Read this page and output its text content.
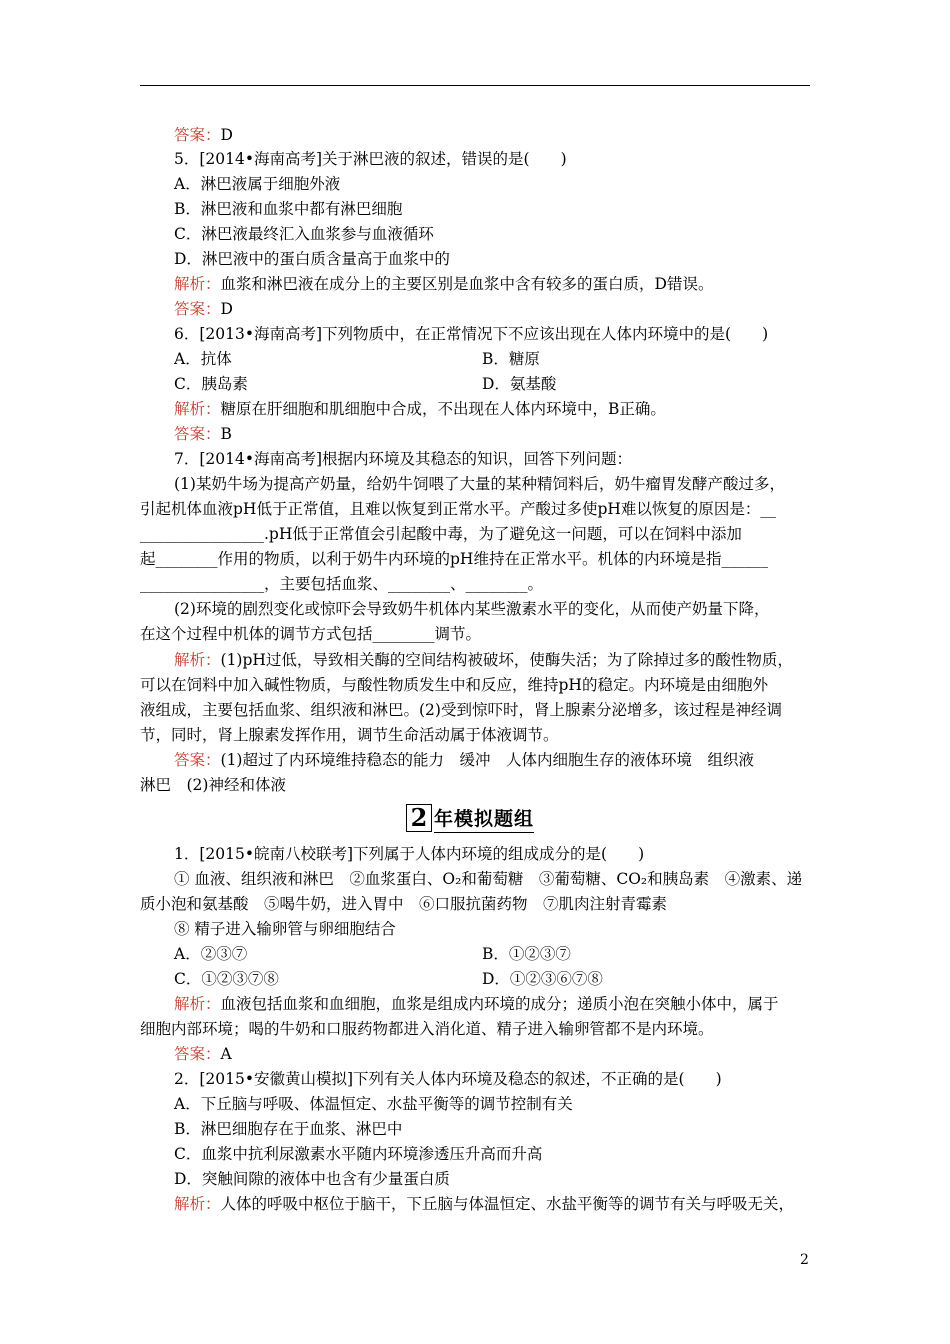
答案：D
5．[2014•海南高考]关于淋巴液的叙述，错误的是(　　)
A．淋巴液属于细胞外液
B．淋巴液和血浆中都有淋巴细胞
C．淋巴液最终汇入血浆参与血液循环
D．淋巴液中的蛋白质含量高于血浆中的
解析：血浆和淋巴液在成分上的主要区别是血浆中含有较多的蛋白质，D错误。
答案：D
6．[2013•海南高考]下列物质中，在正常情况下不应该出现在人体内环境中的是(　　)
A．抗体	B．糖原
C．胰岛素	D．氨基酸
解析：糖原在肝细胞和肌细胞中合成，不出现在人体内环境中，B正确。
答案：B
7．[2014•海南高考]根据内环境及其稳态的知识，回答下列问题：
(1)某奶牛场为提高产奶量，给奶牛饲喂了大量的某种精饲料后，奶牛瘤胃发酵产酸过多，
引起机体血液pH低于正常值，且难以恢复到正常水平。产酸过多使pH难以恢复的原因是：__
________________.pH低于正常值会引起酸中毒，为了避免这一问题，可以在饲料中添加
起________作用的物质，以利于奶牛内环境的pH维持在正常水平。机体的内环境是指______
________________，主要包括血浆、________、________。
(2)环境的剧烈变化或惊吓会导致奶牛机体内某些激素水平的变化，从而使产奶量下降，
在这个过程中机体的调节方式包括________调节。
解析：(1)pH过低，导致相关酶的空间结构被破坏，使酶失活；为了除掉过多的酸性物质，
可以在饲料中加入碱性物质，与酸性物质发生中和反应，维持pH的稳定。内环境是由细胞外
液组成，主要包括血浆、组织液和淋巴。(2)受到惊吓时，肾上腺素分泌增多，该过程是神经调
节，同时，肾上腺素发挥作用，调节生命活动属于体液调节。
答案：(1)超过了内环境维持稳态的能力　缓冲　人体内细胞生存的液体环境　组织液
淋巴　(2)神经和体液
1．[2015•皖南八校联考]下列属于人体内环境的组成成分的是(　　)
① 血液、组织液和淋巴　②血浆蛋白、O₂和葡萄糖　③葡萄糖、CO₂和胰岛素　④激素、递
质小泡和氨基酸　⑤喝牛奶，进入胃中　⑥口服抗菌药物　⑦肌肉注射青霉素
⑧ 精子进入输卵管与卵细胞结合
A．②③⑦	B．①②③⑦
C．①②③⑦⑧	D．①②③⑥⑦⑧
解析：血液包括血浆和血细胞，血浆是组成内环境的成分；递质小泡在突触小体中，属于
细胞内部环境；喝的牛奶和口服药物都进入消化道、精子进入输卵管都不是内环境。
答案：A
2．[2015•安徽黄山模拟]下列有关人体内环境及稳态的叙述，不正确的是(　　)
A．下丘脑与呼吸、体温恒定、水盐平衡等的调节控制有关
B．淋巴细胞存在于血浆、淋巴中
C．血浆中抗利尿激素水平随内环境渗透压升高而升高
D．突触间隙的液体中也含有少量蛋白质
解析：人体的呼吸中枢位于脑干，下丘脑与体温恒定、水盐平衡等的调节有关与呼吸无关，
2 年模拟题组
2
